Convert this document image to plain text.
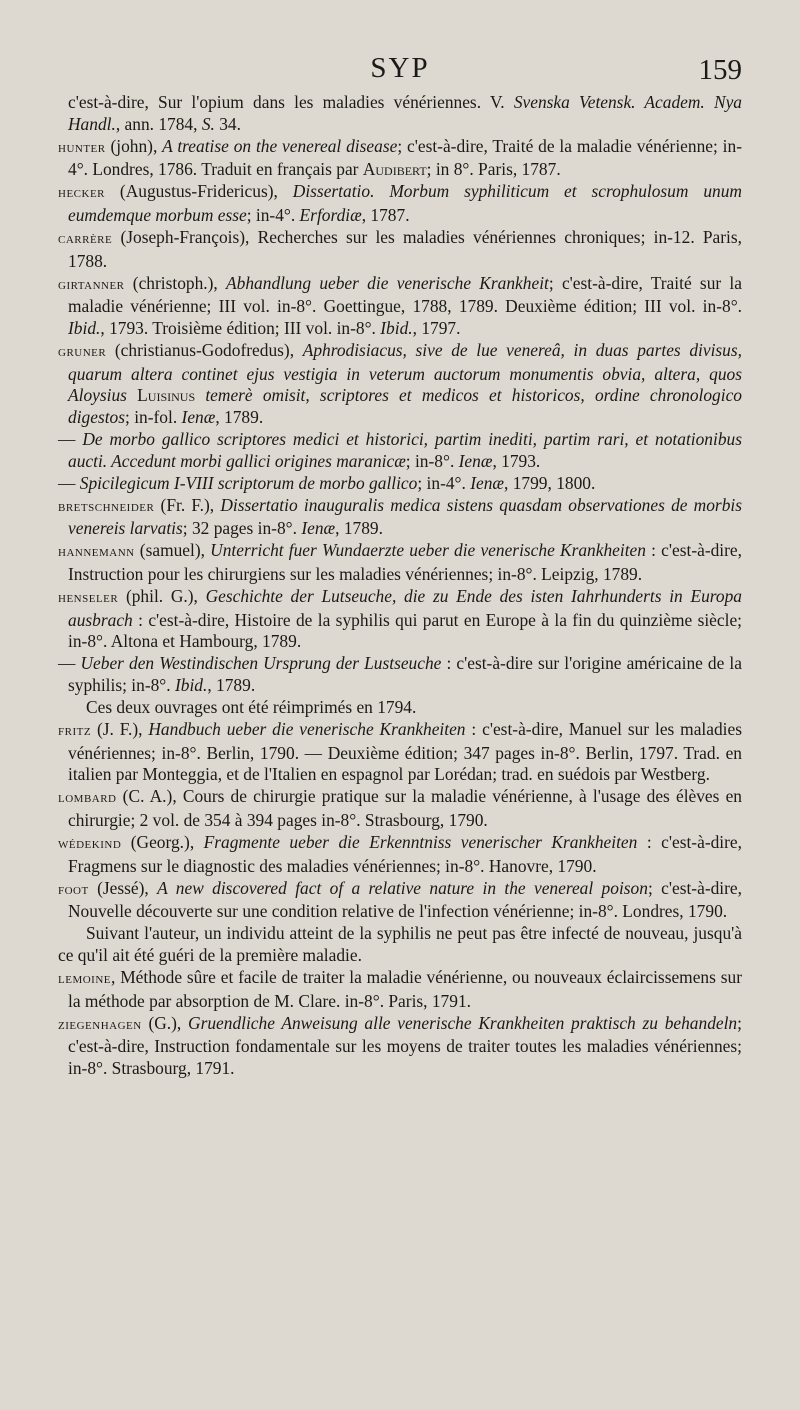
SYP	159

c'est-à-dire, Sur l'opium dans les maladies vénériennes. V. Svenska Vetensk. Academ. Nya Handl., ann. 1784, S. 34.

hunter (john), A treatise on the venereal disease; c'est-à-dire, Traité de la maladie vénérienne; in-4°. Londres, 1786. Traduit en français par Audibert; in 8°. Paris, 1787.

hecker (Augustus-Fridericus), Dissertatio. Morbum syphiliticum et scrophulosum unum eumdemque morbum esse; in-4°. Erfordiæ, 1787.

carrère (Joseph-François), Recherches sur les maladies vénériennes chroniques; in-12. Paris, 1788.

girtanner (christoph.), Abhandlung ueber die venerische Krankheit; c'est-à-dire, Traité sur la maladie vénérienne; III vol. in-8°. Goettingue, 1788, 1789. Deuxième édition; III vol. in-8°. Ibid., 1793. Troisième édition; III vol. in-8°. Ibid., 1797.

gruner (christianus-Godofredus), Aphrodisiacus, sive de lue venereâ, in duas partes divisus, quarum altera continet ejus vestigia in veterum auctorum monumentis obvia, altera, quos Aloysius Luisinus temerè omisit, scriptores et medicos et historicos, ordine chronologico digestos; in-fol. Ienæ, 1789.

— De morbo gallico scriptores medici et historici, partim inediti, partim rari, et notationibus aucti. Accedunt morbi gallici origines maranicæ; in-8°. Ienæ, 1793.

— Spicilegicum I-VIII scriptorum de morbo gallico; in-4°. Ienæ, 1799, 1800.

bretschneider (Fr. F.), Dissertatio inauguralis medica sistens quasdam observationes de morbis venereis larvatis; 32 pages in-8°. Ienæ, 1789.

hannemann (samuel), Unterricht fuer Wundaerzte ueber die venerische Krankheiten : c'est-à-dire, Instruction pour les chirurgiens sur les maladies vénériennes; in-8°. Leipzig, 1789.

henseler (phil. G.), Geschichte der Lutseuche, die zu Ende des isten Iahrhunderts in Europa ausbrach : c'est-à-dire, Histoire de la syphilis qui parut en Europe à la fin du quinzième siècle; in-8°. Altona et Hambourg, 1789.

— Ueber den Westindischen Ursprung der Lustseuche : c'est-à-dire sur l'origine américaine de la syphilis; in-8°. Ibid., 1789.

Ces deux ouvrages ont été réimprimés en 1794.

fritz (J. F.), Handbuch ueber die venerische Krankheiten : c'est-à-dire, Manuel sur les maladies vénériennes; in-8°. Berlin, 1790. — Deuxième édition; 347 pages in-8°. Berlin, 1797. Trad. en italien par Monteggia, et de l'Italien en espagnol par Lorédan; trad. en suédois par Westberg.

lombard (C. A.), Cours de chirurgie pratique sur la maladie vénérienne, à l'usage des élèves en chirurgie; 2 vol. de 354 à 394 pages in-8°. Strasbourg, 1790.

wédekind (Georg.), Fragmente ueber die Erkenntniss venerischer Krankheiten : c'est-à-dire, Fragmens sur le diagnostic des maladies vénériennes; in-8°. Hanovre, 1790.

foot (Jessé), A new discovered fact of a relative nature in the venereal poison; c'est-à-dire, Nouvelle découverte sur une condition relative de l'infection vénérienne; in-8°. Londres, 1790.

Suivant l'auteur, un individu atteint de la syphilis ne peut pas être infecté de nouveau, jusqu'à ce qu'il ait été guéri de la première maladie.

lemoine, Méthode sûre et facile de traiter la maladie vénérienne, ou nouveaux éclaircissemens sur la méthode par absorption de M. Clare. in-8°. Paris, 1791.

ziegenhagen (G.), Gruendliche Anweisung alle venerische Krankheiten praktisch zu behandeln; c'est-à-dire, Instruction fondamentale sur les moyens de traiter toutes les maladies vénériennes; in-8°. Strasbourg, 1791.
